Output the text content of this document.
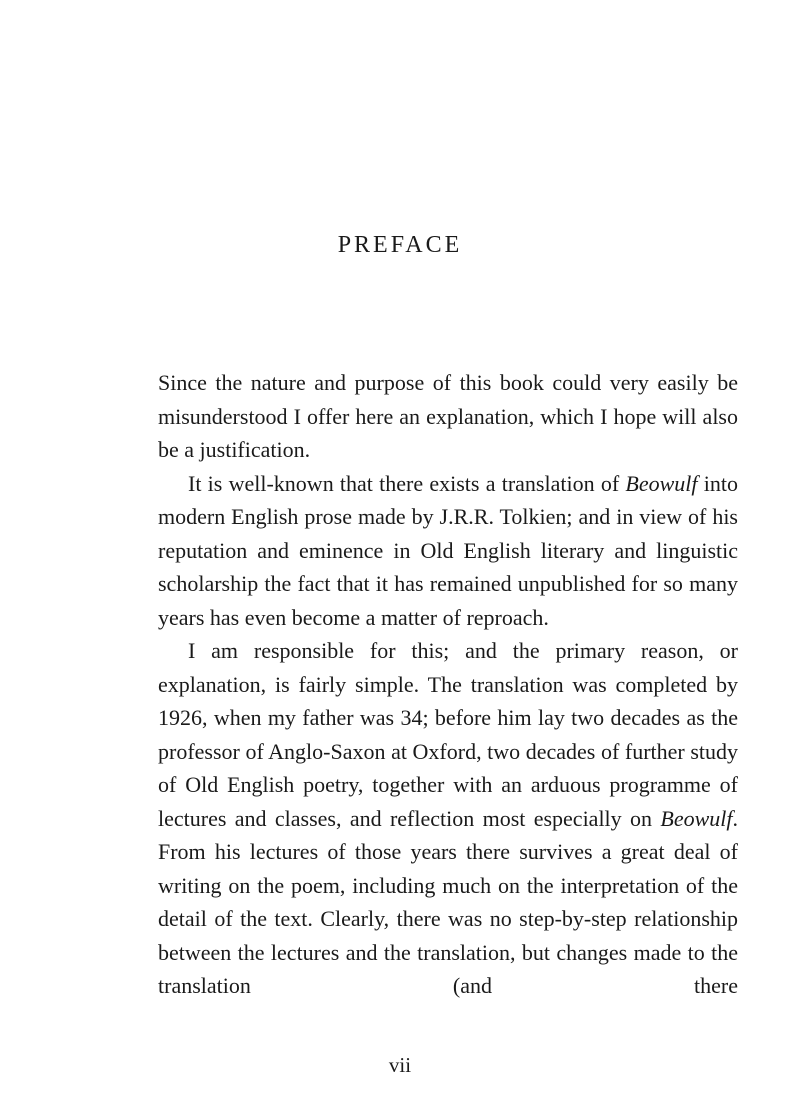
PREFACE

Since the nature and purpose of this book could very easily be misunderstood I offer here an explanation, which I hope will also be a justification.

It is well-known that there exists a translation of Beowulf into modern English prose made by J.R.R. Tolkien; and in view of his reputation and eminence in Old English literary and linguistic scholarship the fact that it has remained unpublished for so many years has even become a matter of reproach.

I am responsible for this; and the primary reason, or explanation, is fairly simple. The translation was completed by 1926, when my father was 34; before him lay two decades as the professor of Anglo-Saxon at Oxford, two decades of further study of Old English poetry, together with an arduous programme of lectures and classes, and reflection most especially on Beowulf. From his lectures of those years there survives a great deal of writing on the poem, including much on the interpretation of the detail of the text. Clearly, there was no step-by-step relationship between the lectures and the translation, but changes made to the translation (and there

vii
